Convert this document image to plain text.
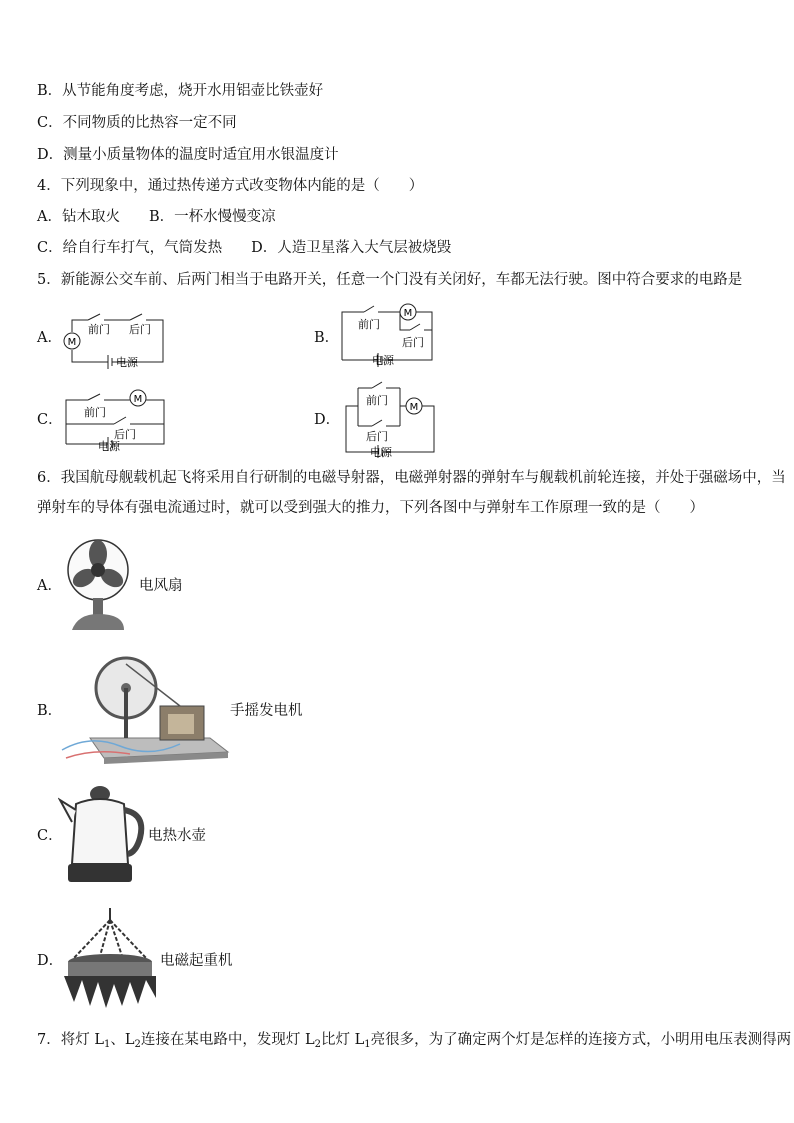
B．从节能角度考虑，烧开水用铝壶比铁壶好
C．不同物质的比热容一定不同
D．测量小质量物体的温度时适宜用水银温度计
4．下列现象中，通过热传递方式改变物体内能的是（　　）
A．钻木取火　　B．一杯水慢慢变凉
C．给自行车打气，气筒发热　　D．人造卫星落入大气层被烧毁
5．新能源公交车前、后两门相当于电路开关，任意一个门没有关闭好，车都无法行驶。图中符合要求的电路是
A．	B．
C．	D．
M
前门 后门
电源
M
前门
后门
电源
M
前门
后门
电源
M
前门
后门
电源
6．我国航母舰载机起飞将采用自行研制的电磁导射器，电磁弹射器的弹射车与舰载机前轮连接，并处于强磁场中，当
弹射车的导体有强电流通过时，就可以受到强大的推力，下列各图中与弹射车工作原理一致的是（　　）
A．	电风扇
B．	手摇发电机
C．	电热水壶
D．	电磁起重机
7．将灯 $L_1$、$L_2$连接在某电路中，发现灯 $L_2$比灯 $L_1$亮很多，为了确定两个灯是怎样的连接方式，小明用电压表测得两
